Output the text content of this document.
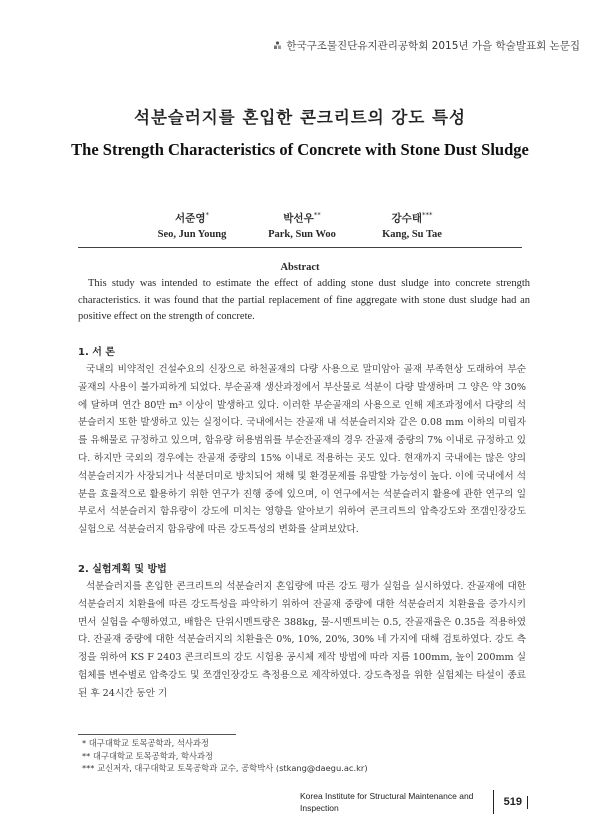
한국구조물진단유지관리공학회 2015년 가을 학술발표회 논문집
석분슬러지를 혼입한 콘크리트의 강도 특성
The Strength Characteristics of Concrete with Stone Dust Sludge
서준영*
Seo, Jun Young
박선우**
Park, Sun Woo
강수태***
Kang, Su Tae
Abstract
This study was intended to estimate the effect of adding stone dust sludge into concrete strength characteristics. it was found that the partial replacement of fine aggregate with stone dust sludge had an positive effect on the strength of concrete.
1. 서 론
국내의 비약적인 건설수요의 신장으로 하천골재의 다량 사용으로 말미암아 골재 부족현상 도래하여 부순골재의 사용이 불가피하게 되었다. 부순골재 생산과정에서 부산물로 석분이 다량 발생하며 그 양은 약 30%에 달하며 연간 80만 m³ 이상이 발생하고 있다. 이러한 부순골재의 사용으로 인해 제조과정에서 다량의 석분슬러지 또한 발생하고 있는 실정이다. 국내에서는 잔골재 내 석분슬러지와 같은 0.08 mm 이하의 미립자를 유해물로 규정하고 있으며, 함유량 허용범위를 부순잔골재의 경우 잔골재 중량의 7% 이내로 규정하고 있다. 하지만 국외의 경우에는 잔골재 중량의 15% 이내로 적용하는 곳도 있다. 현재까지 국내에는 많은 양의 석분슬러지가 사장되거나 석분더미로 방치되어 채해 및 환경문제를 유발할 가능성이 높다. 이에 국내에서 석분을 효율적으로 활용하기 위한 연구가 진행 중에 있으며, 이 연구에서는 석분슬러지 활용에 관한 연구의 일부로서 석분슬러지 함유량이 강도에 미치는 영향을 알아보기 위하여 콘크리트의 압축강도와 쪼갬인장강도 실험으로 석분슬러지 함유량에 따른 강도특성의 변화를 살펴보았다.
2. 실험계획 및 방법
석분슬러지를 혼입한 콘크리트의 석분슬러지 혼입량에 따른 강도 평가 실험을 실시하였다. 잔골재에 대한 석분슬러지 치환율에 따른 강도특성을 파악하기 위하여 잔골재 중량에 대한 석분슬러지 치환율을 증가시키면서 실험을 수행하였고, 배합은 단위시멘트량은 388kg, 물-시멘트비는 0.5, 잔골재율은 0.35을 적용하였다. 잔골재 중량에 대한 석분슬러지의 치환율은 0%, 10%, 20%, 30% 네 가지에 대해 검토하였다. 강도 측정을 위하여 KS F 2403 콘크리트의 강도 시험용 공시체 제작 방법에 따라 지름 100mm, 높이 200mm 실험체를 변수별로 압축강도 및 쪼갬인장강도 측정용으로 제작하였다. 강도측정을 위한 실험체는 타설이 종료된 후 24시간 동안 기
* 대구대학교 토목공학과, 석사과정
** 대구대학교 토목공학과, 학사과정
*** 교신저자, 대구대학교 토목공학과 교수, 공학박사 (stkang@daegu.ac.kr)
Korea Institute for Structural Maintenance and Inspection
519
